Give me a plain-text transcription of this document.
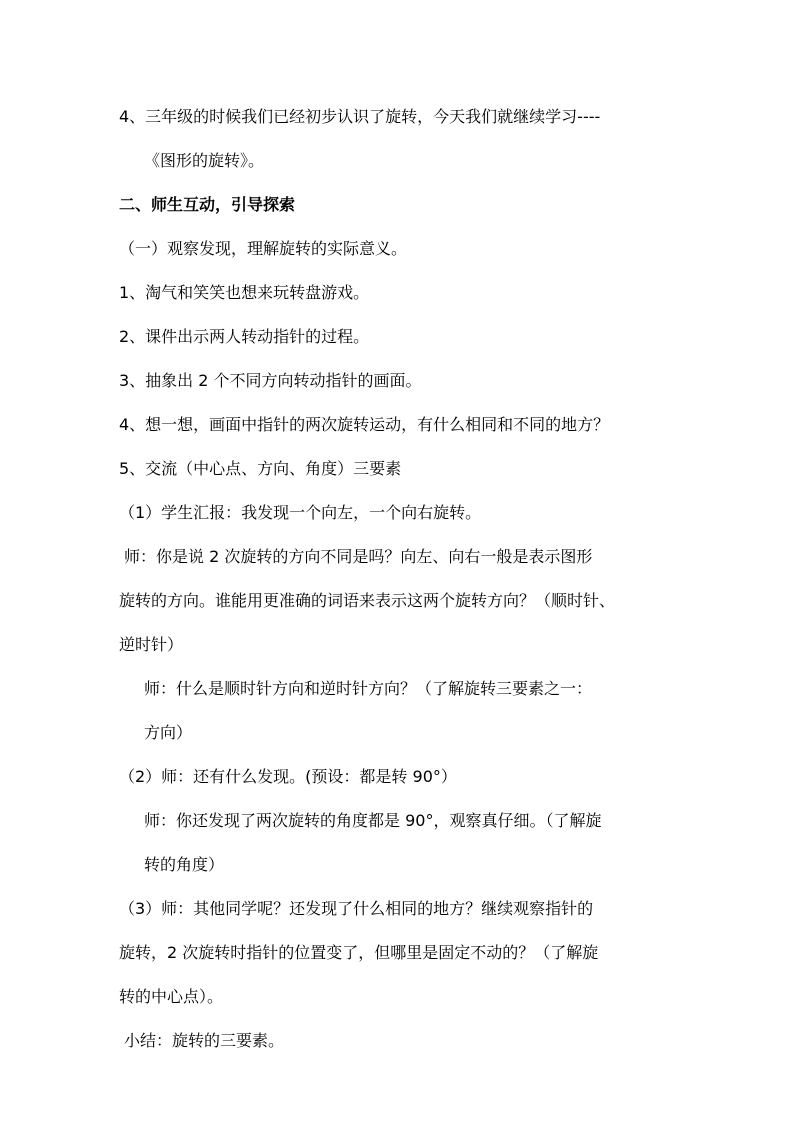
4、三年级的时候我们已经初步认识了旋转，今天我们就继续学习----
《图形的旋转》。
二、师生互动，引导探索
（一）观察发现，理解旋转的实际意义。
1、淘气和笑笑也想来玩转盘游戏。
2、课件出示两人转动指针的过程。
3、抽象出 2 个不同方向转动指针的画面。
4、想一想，画面中指针的两次旋转运动，有什么相同和不同的地方？
5、交流（中心点、方向、角度）三要素
（1）学生汇报：我发现一个向左，一个向右旋转。
师：你是说 2 次旋转的方向不同是吗？向左、向右一般是表示图形
旋转的方向。谁能用更准确的词语来表示这两个旋转方向？（顺时针、
逆时针）
师：什么是顺时针方向和逆时针方向？（了解旋转三要素之一：
方向）
（2）师：还有什么发现。(预设：都是转 90°）
师：你还发现了两次旋转的角度都是 90°，观察真仔细。（了解旋
转的角度）
（3）师：其他同学呢？还发现了什么相同的地方？继续观察指针的
旋转，2 次旋转时指针的位置变了，但哪里是固定不动的？（了解旋
转的中心点）。
小结：旋转的三要素。
